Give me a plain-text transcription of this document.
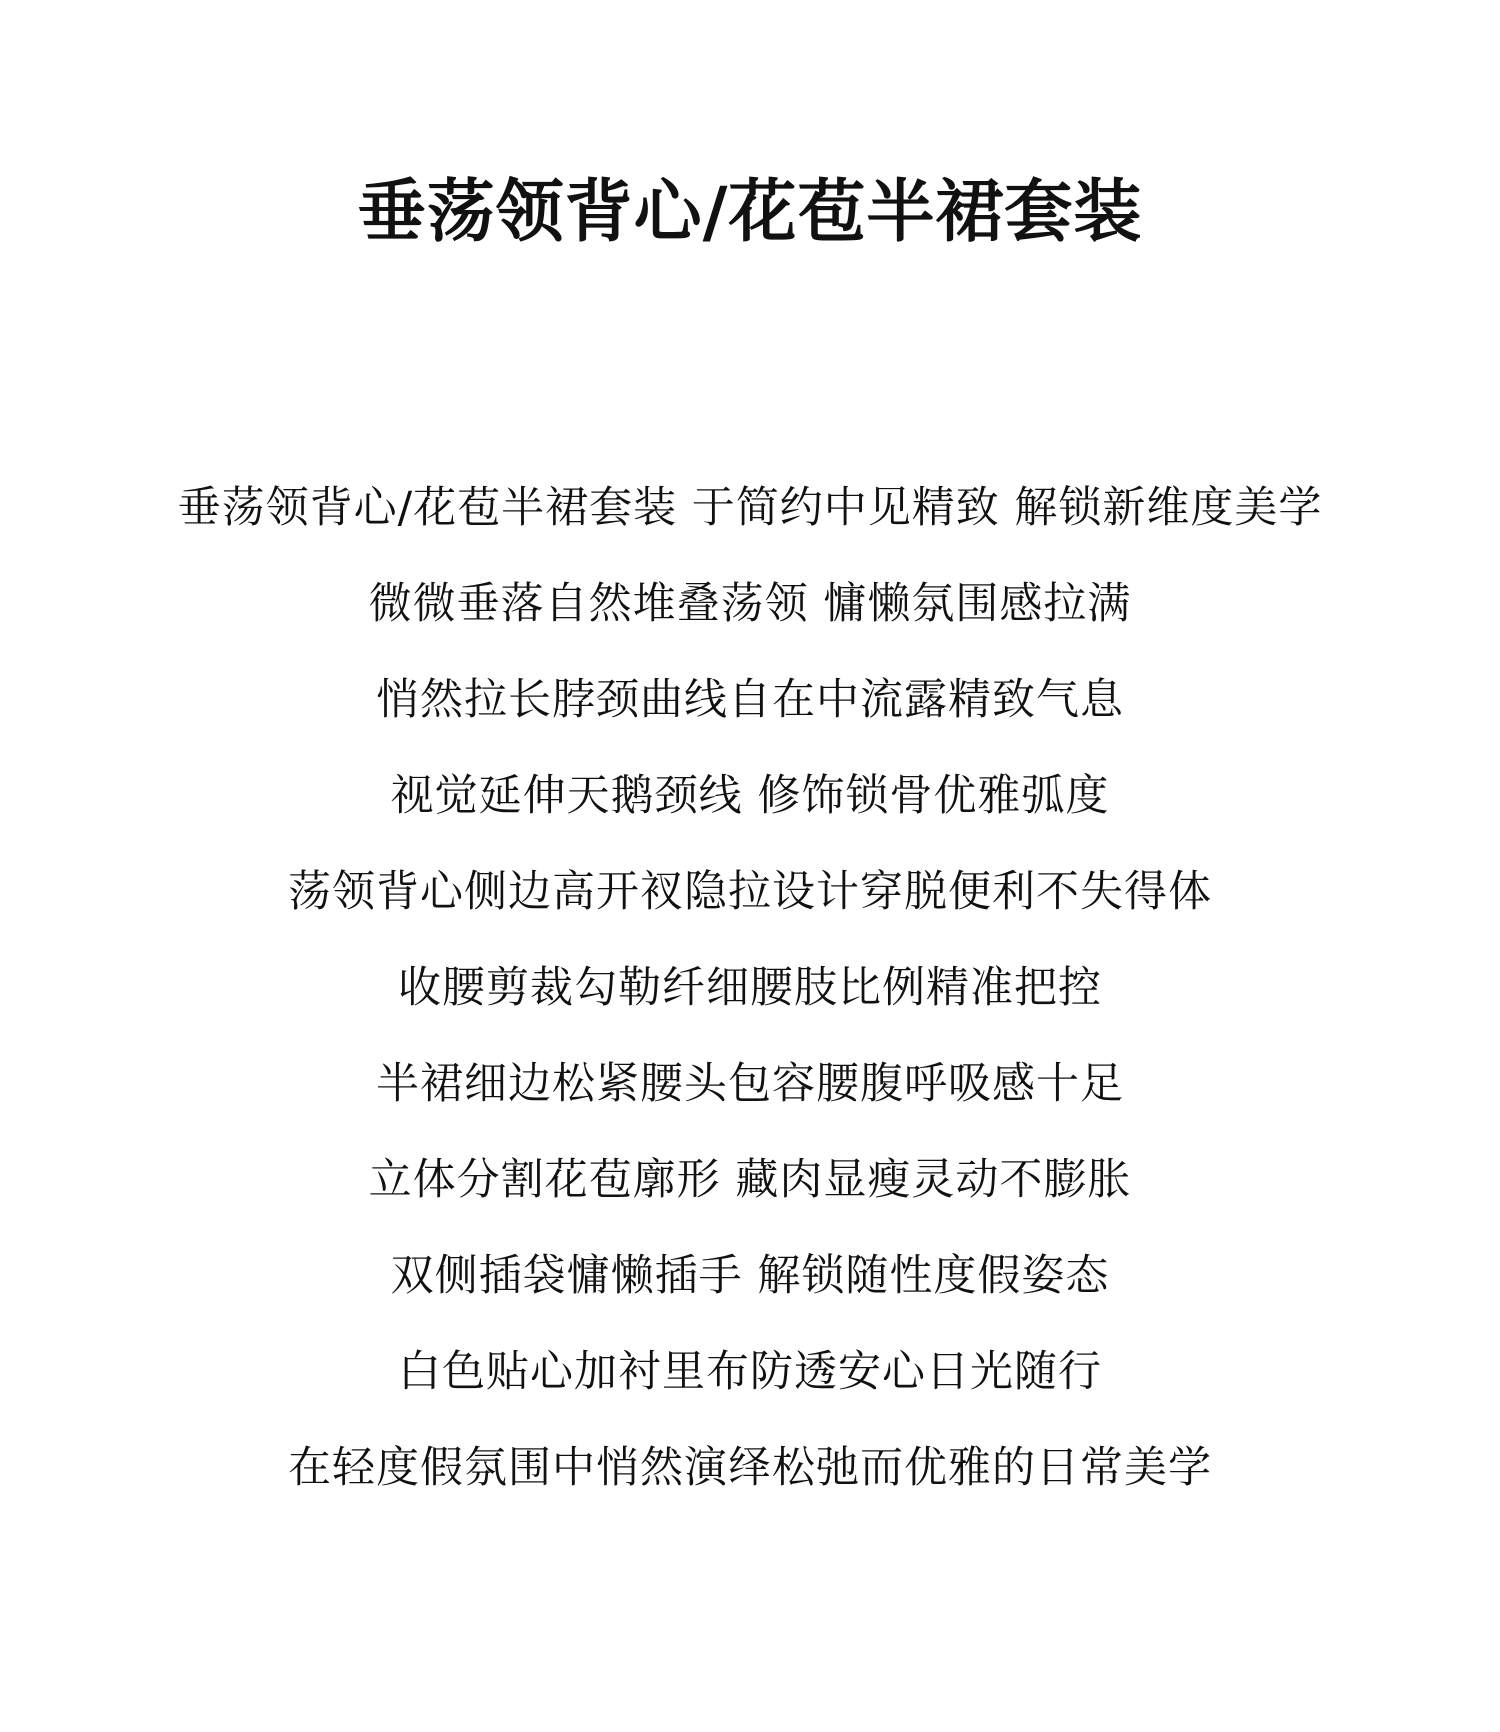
垂荡领背心/花苞半裙套装
垂荡领背心/花苞半裙套装 于简约中见精致 解锁新维度美学
微微垂落自然堆叠荡领 慵懒氛围感拉满
悄然拉长脖颈曲线自在中流露精致气息
视觉延伸天鹅颈线 修饰锁骨优雅弧度
荡领背心侧边高开衩隐拉设计穿脱便利不失得体
收腰剪裁勾勒纤细腰肢比例精准把控
半裙细边松紧腰头包容腰腹呼吸感十足
立体分割花苞廓形 藏肉显瘦灵动不膨胀
双侧插袋慵懒插手 解锁随性度假姿态
白色贴心加衬里布防透安心日光随行
在轻度假氛围中悄然演绎松弛而优雅的日常美学
